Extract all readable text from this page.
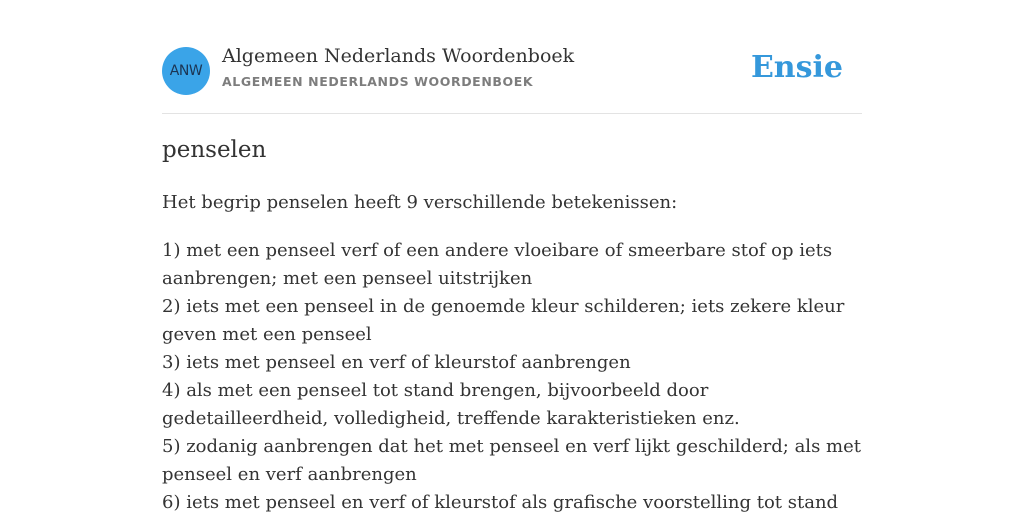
ANW
Algemeen Nederlands Woordenboek
ALGEMEEN NEDERLANDS WOORDENBOEK	Ensie
penselen

Het begrip penselen heeft 9 verschillende betekenissen:

1) met een penseel verf of een andere vloeibare of smeerbare stof op iets aanbrengen; met een penseel uitstrijken
2) iets met een penseel in de genoemde kleur schilderen; iets zekere kleur geven met een penseel
3) iets met penseel en verf of kleurstof aanbrengen
4) als met een penseel tot stand brengen, bijvoorbeeld door gedetailleerdheid, volledigheid, treffende karakteristieken enz.
5) zodanig aanbrengen dat het met penseel en verf lijkt geschilderd; als met penseel en verf aanbrengen
6) iets met penseel en verf of kleurstof als grafische voorstelling tot stand
